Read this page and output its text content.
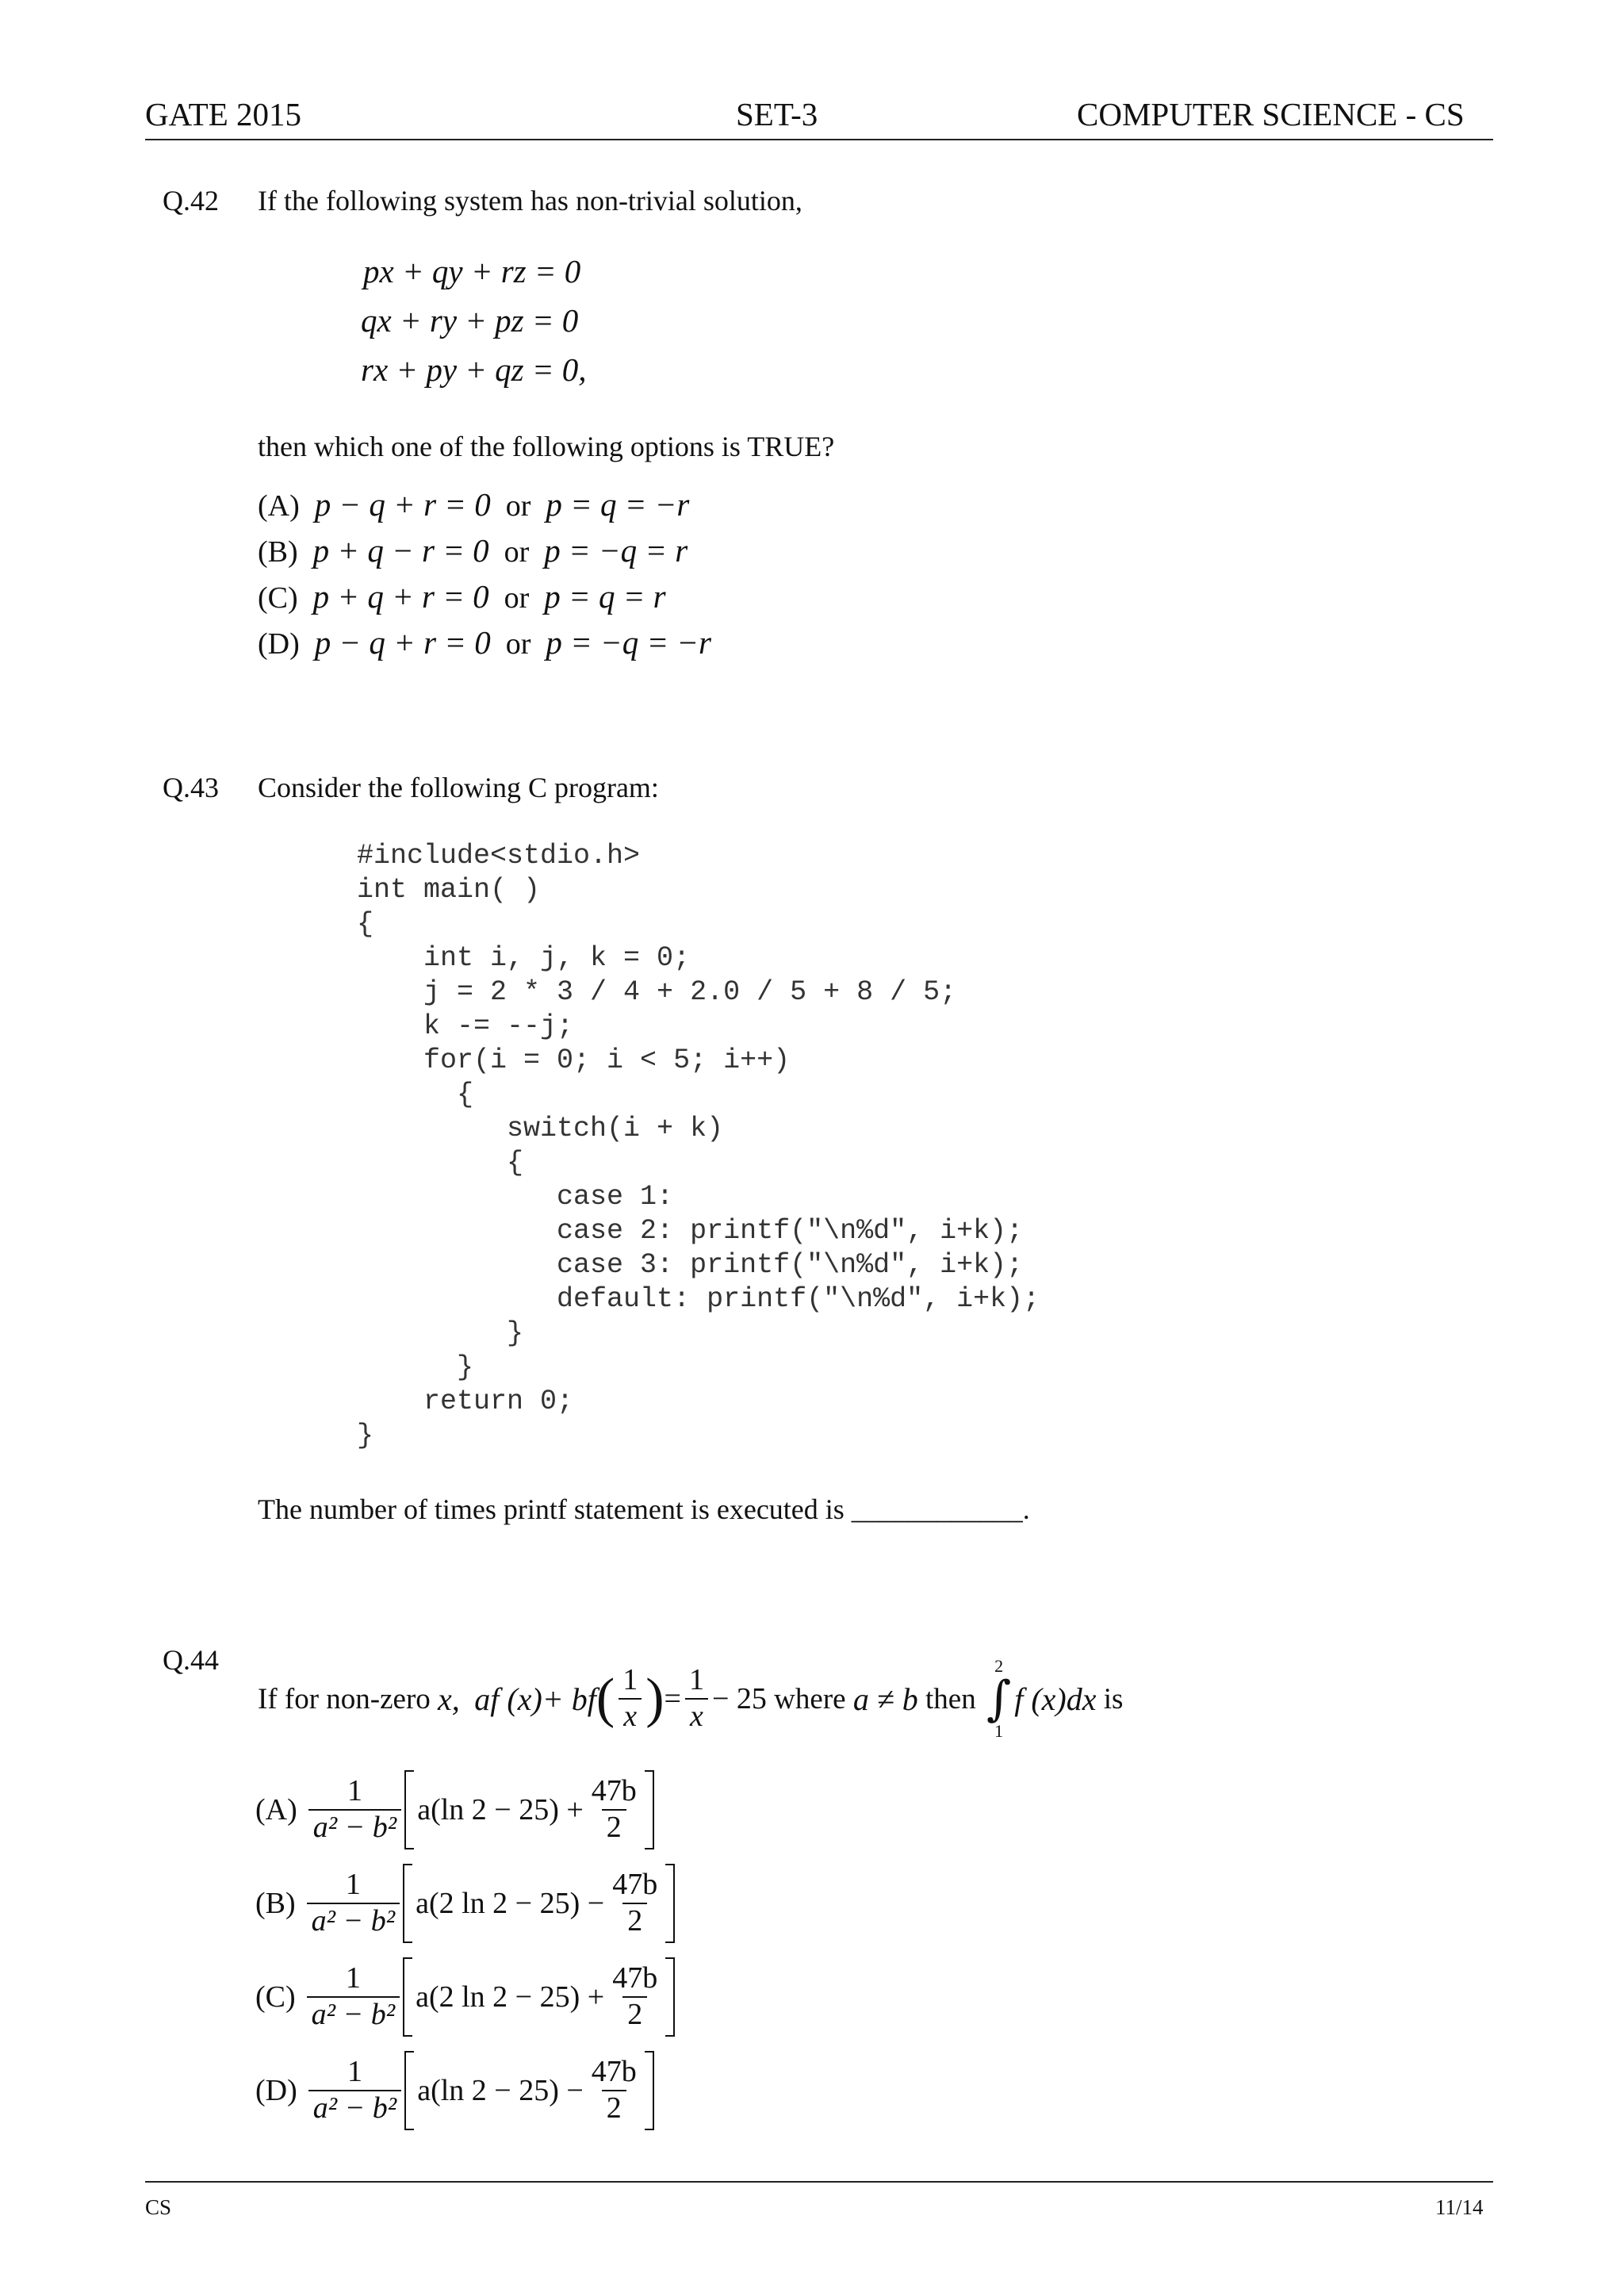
GATE 2015	SET-3	COMPUTER SCIENCE - CS
Q.42 If the following system has non-trivial solution,
px + qy + rz = 0
qx + ry + pz = 0
rx + py + qz = 0,
then which one of the following options is TRUE?
(A) p − q + r = 0 or p = q = −r
(B) p + q − r = 0 or p = −q = r
(C) p + q + r = 0 or p = q = r
(D) p − q + r = 0 or p = −q = −r
Q.43 Consider the following C program:
#include<stdio.h>
int main( )
{
int i, j, k = 0;
j = 2 * 3 / 4 + 2.0 / 5 + 8 / 5;
k -= --j;
for(i = 0; i < 5; i++)
{
switch(i + k)
{
case 1:
case 2: printf("\n%d", i+k);
case 3: printf("\n%d", i+k);
default: printf("\n%d", i+k);
}
}
return 0;
}
The number of times printf statement is executed is ____________.
Q.44
If for non-zero
x,
af (x)+ bf ( $\frac{1}{x}$ ) = $\frac{1}{x} - 25$
where
a ≠ b
then

2
∫
1
f (x)dx
is
$(A) \frac{1}{\text{a² − b²}} a(\ln$ $2 - 25) + \frac{47b}{2}$
$(B) \frac{1}{\text{a² − b²}} a(2$ $\ln 2 - 25) - \frac{47b}{2}$
$(C) \frac{1}{\text{a² − b²}} a(2$ $\ln 2 - 25) + \frac{47b}{2}$
$(D) \frac{1}{\text{a² − b²}} a(\ln$ $2 - 25) - \frac{47b}{2}$
CS	11/14
